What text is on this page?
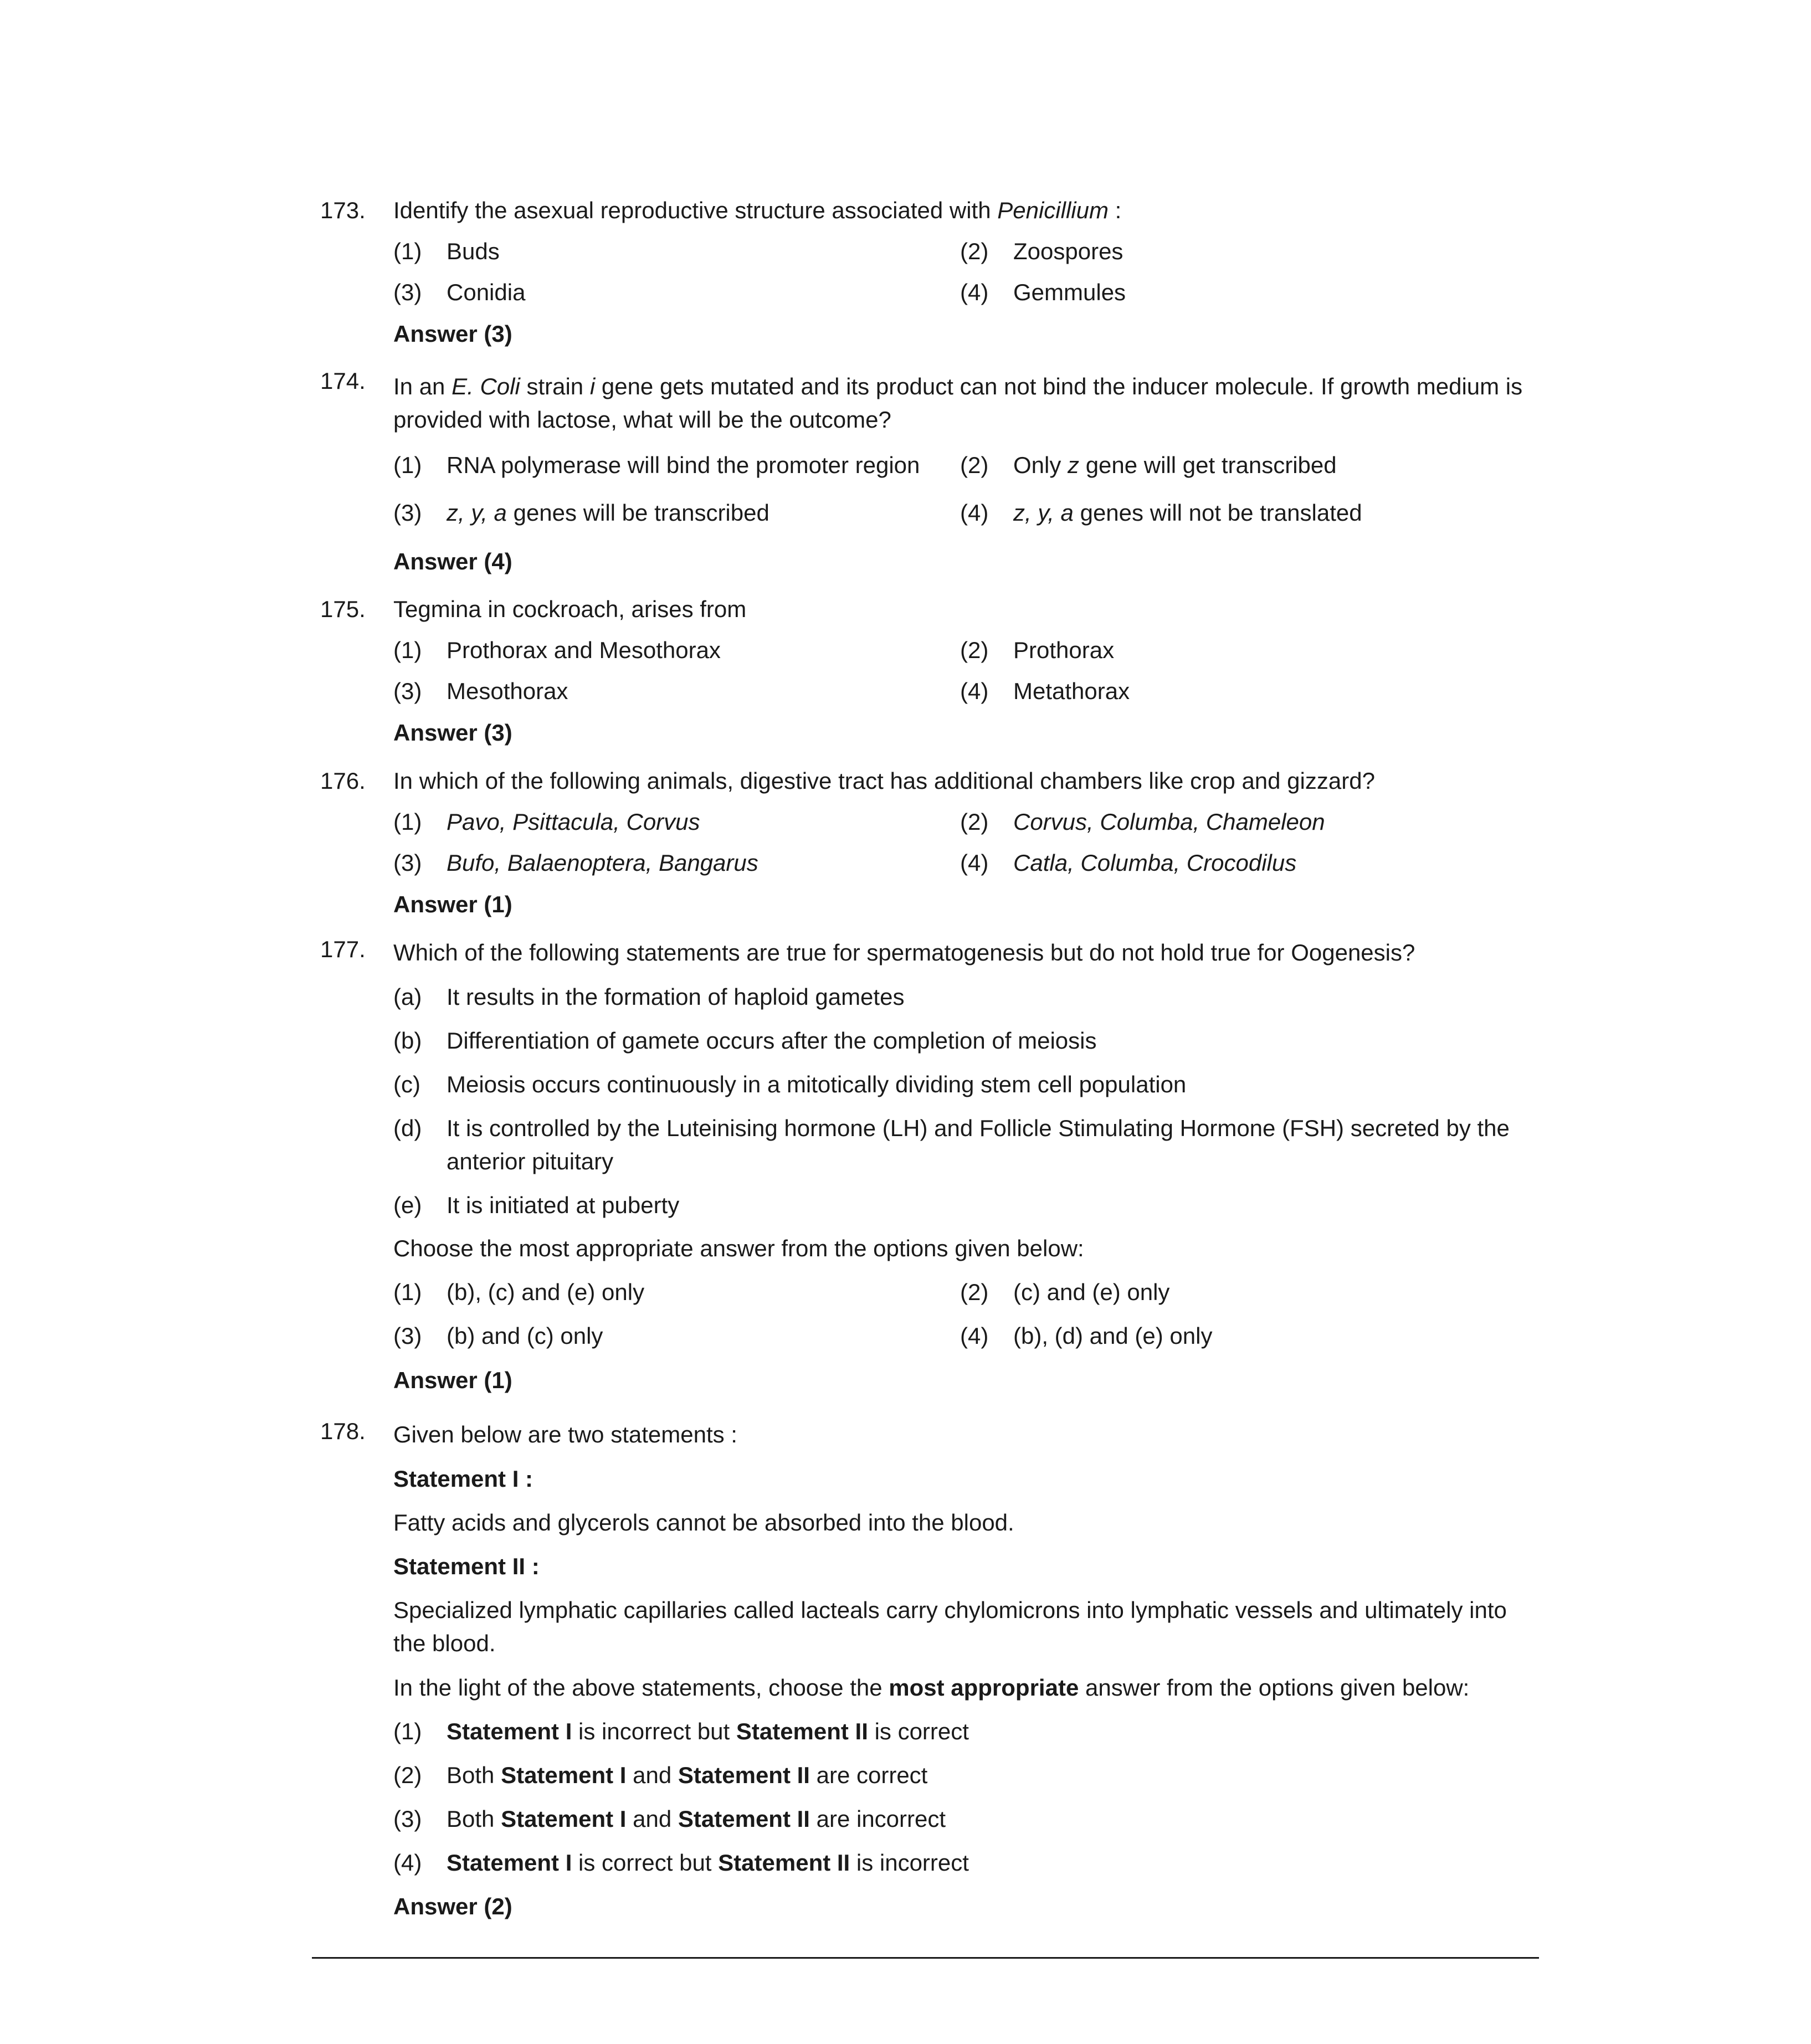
173. Identify the asexual reproductive structure associated with Penicillium :

(1) Buds	(2) Zoospores
(3) Conidia	(4) Gemmules
Answer (3)
174. In an E. Coli strain i gene gets mutated and its product can not bind the inducer molecule. If growth medium is provided with lactose, what will be the outcome?

(1) RNA polymerase will bind the promoter region (2) Only z gene will get transcribed
(3) z, y, a genes will be transcribed	(4) z, y, a genes will not be translated
Answer (4)
175. Tegmina in cockroach, arises from

(1) Prothorax and Mesothorax	(2) Prothorax
(3) Mesothorax	(4) Metathorax
Answer (3)
176. In which of the following animals, digestive tract has additional chambers like crop and gizzard?

(1) Pavo, Psittacula, Corvus	(2) Corvus, Columba, Chameleon
(3) Bufo, Balaenoptera, Bangarus	(4) Catla, Columba, Crocodilus
Answer (1)
177. Which of the following statements are true for spermatogenesis but do not hold true for Oogenesis?

(a) It results in the formation of haploid gametes
(b) Differentiation of gamete occurs after the completion of meiosis
(c) Meiosis occurs continuously in a mitotically dividing stem cell population
(d) It is controlled by the Luteinising hormone (LH) and Follicle Stimulating Hormone (FSH) secreted by the anterior pituitary
(e) It is initiated at puberty
Choose the most appropriate answer from the options given below:
(1) (b), (c) and (e) only	(2) (c) and (e) only
(3) (b) and (c) only	(4) (b), (d) and (e) only
Answer (1)
178. Given below are two statements :

Statement I :
Fatty acids and glycerols cannot be absorbed into the blood.
Statement II :
Specialized lymphatic capillaries called lacteals carry chylomicrons into lymphatic vessels and ultimately into the blood.
In the light of the above statements, choose the most appropriate answer from the options given below:
(1) Statement I is incorrect but Statement II is correct
(2) Both Statement I and Statement II are correct
(3) Both Statement I and Statement II are incorrect
(4) Statement I is correct but Statement II is incorrect
Answer (2)
